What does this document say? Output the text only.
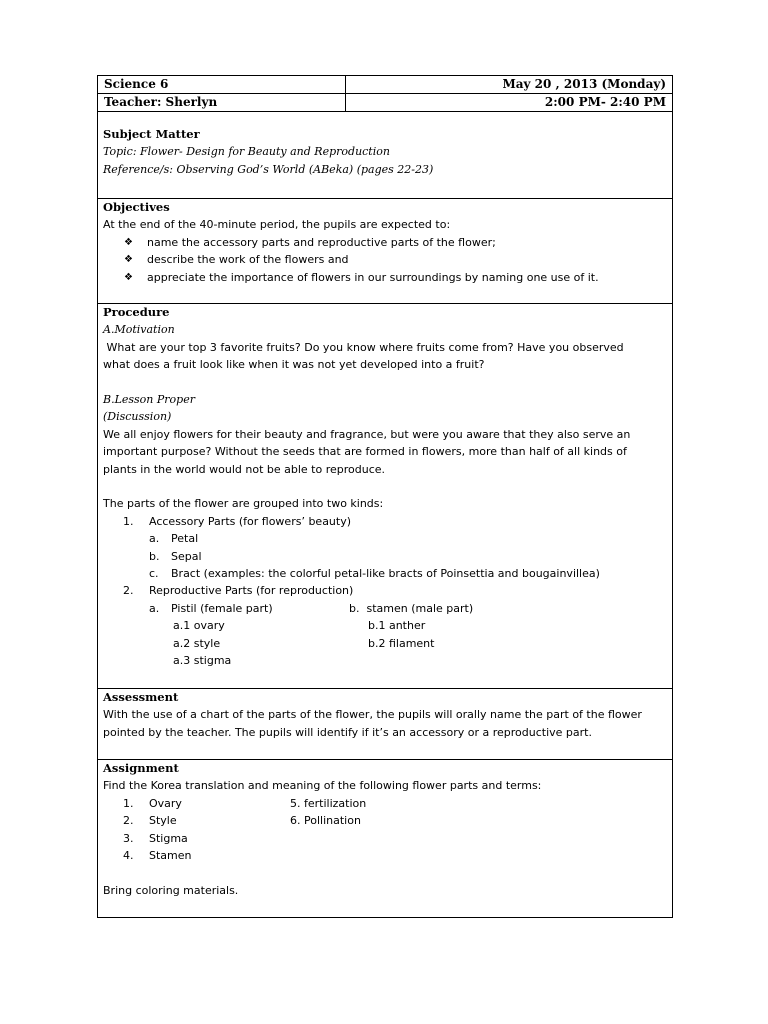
Science 6	May 20 , 2013 (Monday)
Teacher: Sherlyn	2:00 PM- 2:40 PM
Subject Matter
Topic: Flower- Design for Beauty and Reproduction
Reference/s: Observing God’s World (ABeka) (pages 22-23)
Objectives
At the end of the 40-minute period, the pupils are expected to:
❖	name the accessory parts and reproductive parts of the flower;
❖	describe the work of the flowers and
❖	appreciate the importance of flowers in our surroundings by naming one use of it.
Procedure
A.Motivation
What are your top 3 favorite fruits? Do you know where fruits come from? Have you observed
what does a fruit look like when it was not yet developed into a fruit?
B.Lesson Proper
(Discussion)
We all enjoy flowers for their beauty and fragrance, but were you aware that they also serve an
important purpose? Without the seeds that are formed in flowers, more than half of all kinds of
plants in the world would not be able to reproduce.
The parts of the flower are grouped into two kinds:
1. Accessory Parts (for flowers’ beauty)
a. Petal
b. Sepal
c. Bract (examples: the colorful petal-like bracts of Poinsettia and bougainvillea)
2. Reproductive Parts (for reproduction)
a. Pistil (female part)	b.  stamen (male part)
a.1 ovary	b.1 anther
a.2 style	b.2 filament
a.3 stigma
Assessment
With the use of a chart of the parts of the flower, the pupils will orally name the part of the flower
pointed by the teacher. The pupils will identify if it’s an accessory or a reproductive part.
Assignment
Find the Korea translation and meaning of the following flower parts and terms:
1. Ovary	5. fertilization
2. Style	6. Pollination
3. Stigma
4. Stamen
Bring coloring materials.
